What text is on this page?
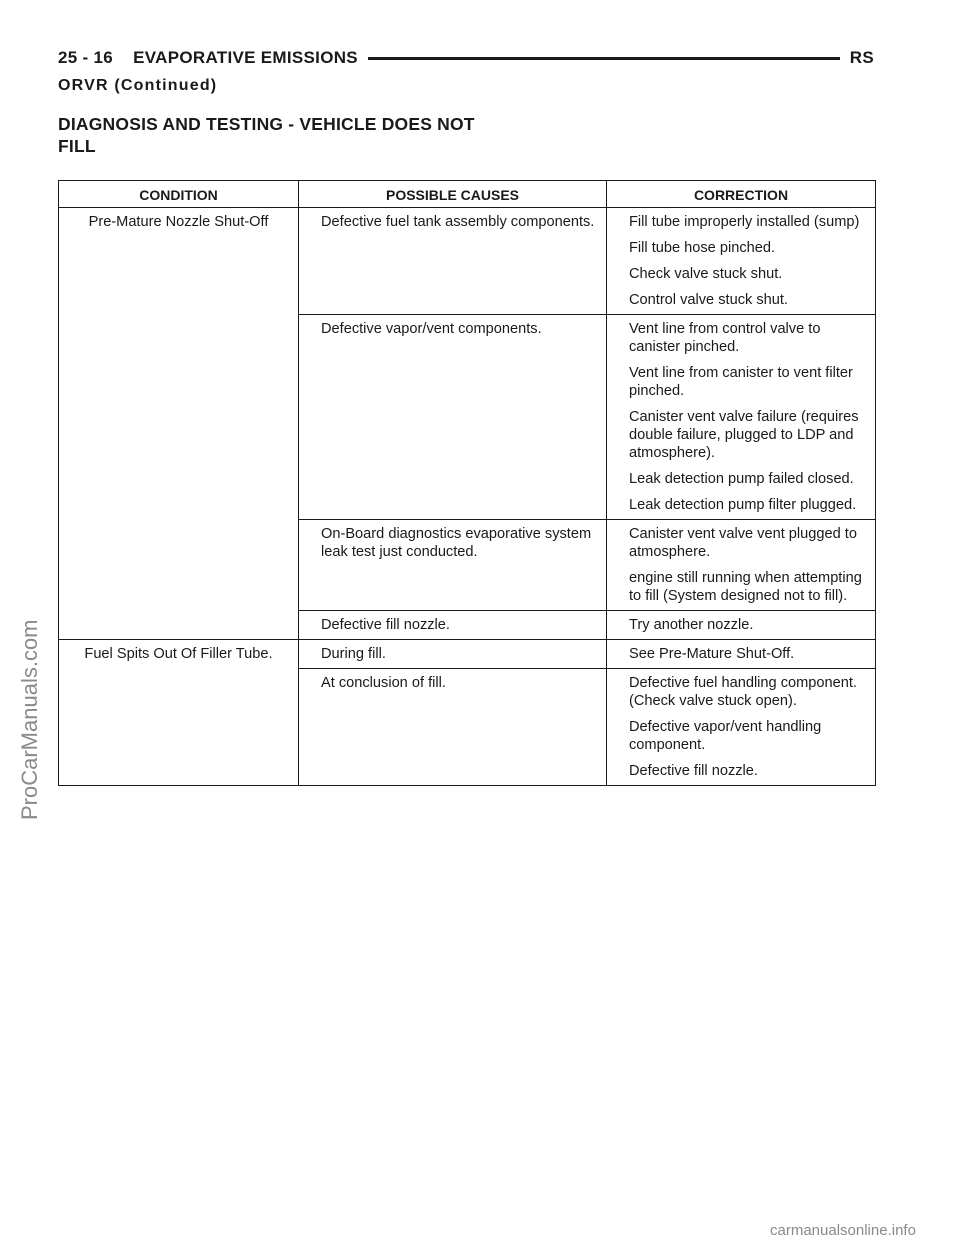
25 - 16    EVAPORATIVE EMISSIONS	RS
ORVR (Continued)
DIAGNOSIS AND TESTING - VEHICLE DOES NOT FILL
CONDITION	POSSIBLE CAUSES	CORRECTION
Pre-Mature Nozzle Shut-Off	Defective fuel tank assembly components.	Fill tube improperly installed (sump)

Fill tube hose pinched.

Check valve stuck shut.

Control valve stuck shut.

	Defective vapor/vent components.	Vent line from control valve to canister pinched.

Vent line from canister to vent filter pinched.

Canister vent valve failure (requires double failure, plugged to LDP and atmosphere).

Leak detection pump failed closed.

Leak detection pump filter plugged.

	On-Board diagnostics evaporative system leak test just conducted.	Canister vent valve vent plugged to atmosphere.

engine still running when attempting to fill (System designed not to fill).

	Defective fill nozzle.	Try another nozzle.

Fuel Spits Out Of Filler Tube.	During fill.	See Pre-Mature Shut-Off.

	At conclusion of fill.	Defective fuel handling component. (Check valve stuck open).

Defective vapor/vent handling component.

Defective fill nozzle.

ProCarManuals.com
carmanualsonline.info
